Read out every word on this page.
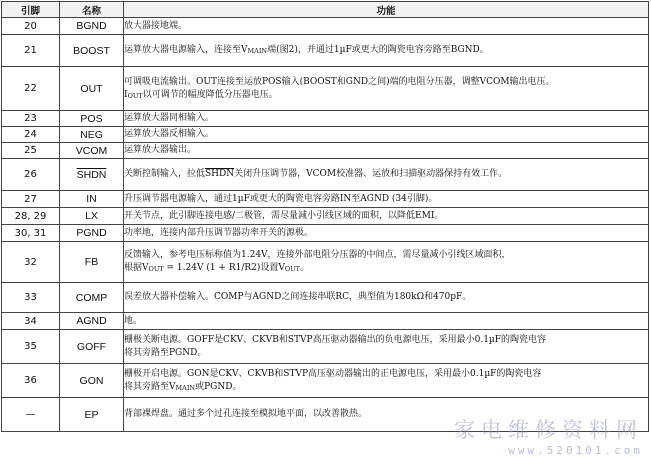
引脚	名称	功能
20	BGND	放大器接地端。
21	BOOST	运算放大器电源输入，连接至$V_{MAIN}$端(图2)，并通过1µF或更大的陶瓷电容旁路至BGND。
22	OUT	可调吸电流输出。OUT连接至运放POS输入(BOOST和GND之间)端的电阻分压器，调整VCOM输出电压。
$I_{OUT}$以可调节的幅度降低分压器电压。
23	POS	运算放大器同相输入。
24	NEG	运算放大器反相输入。
25	VCOM	运算放大器输出。
26	SHDN	关断控制输入，拉低SHDN关闭升压调节器，VCOM校准器、运放和扫描驱动器保持有效工作。
27	IN	升压调节器电源输入，通过1µF或更大的陶瓷电容旁路IN至AGND (34引脚)。
28, 29	LX	开关节点，此引脚连接电感/二极管，需尽量减小引线区域的面积，以降低EMI。
30, 31	PGND	功率地，连接内部升压调节器功率开关的源极。
32	FB	反馈输入，参考电压标称值为1.24V，连接外部电阻分压器的中间点，需尽量减小引线区域面积，
根据$V_{OUT} = 1.24V$ (1 + R1/R2)设置$V_{OUT}$。
33	COMP	误差放大器补偿输入。COMP与AGND之间连接串联RC，典型值为180kΩ和470pF。
34	AGND	地。
35	GOFF	栅极关断电源。GOFF是CKV、CKVB和STVP高压驱动器输出的负电源电压，采用最小0.1µF的陶瓷电容
将其旁路至PGND。
36	GON	栅极开启电源。GON是CKV、CKVB和STVP高压驱动器输出的正电源电压，采用最小0.1µF的陶瓷电容
将其旁路至$V_{MAIN}$或PGND。
—	EP	背部裸焊盘。通过多个过孔连接至模拟地平面，以改善散热。
家电维修资料网
www.520101.com
